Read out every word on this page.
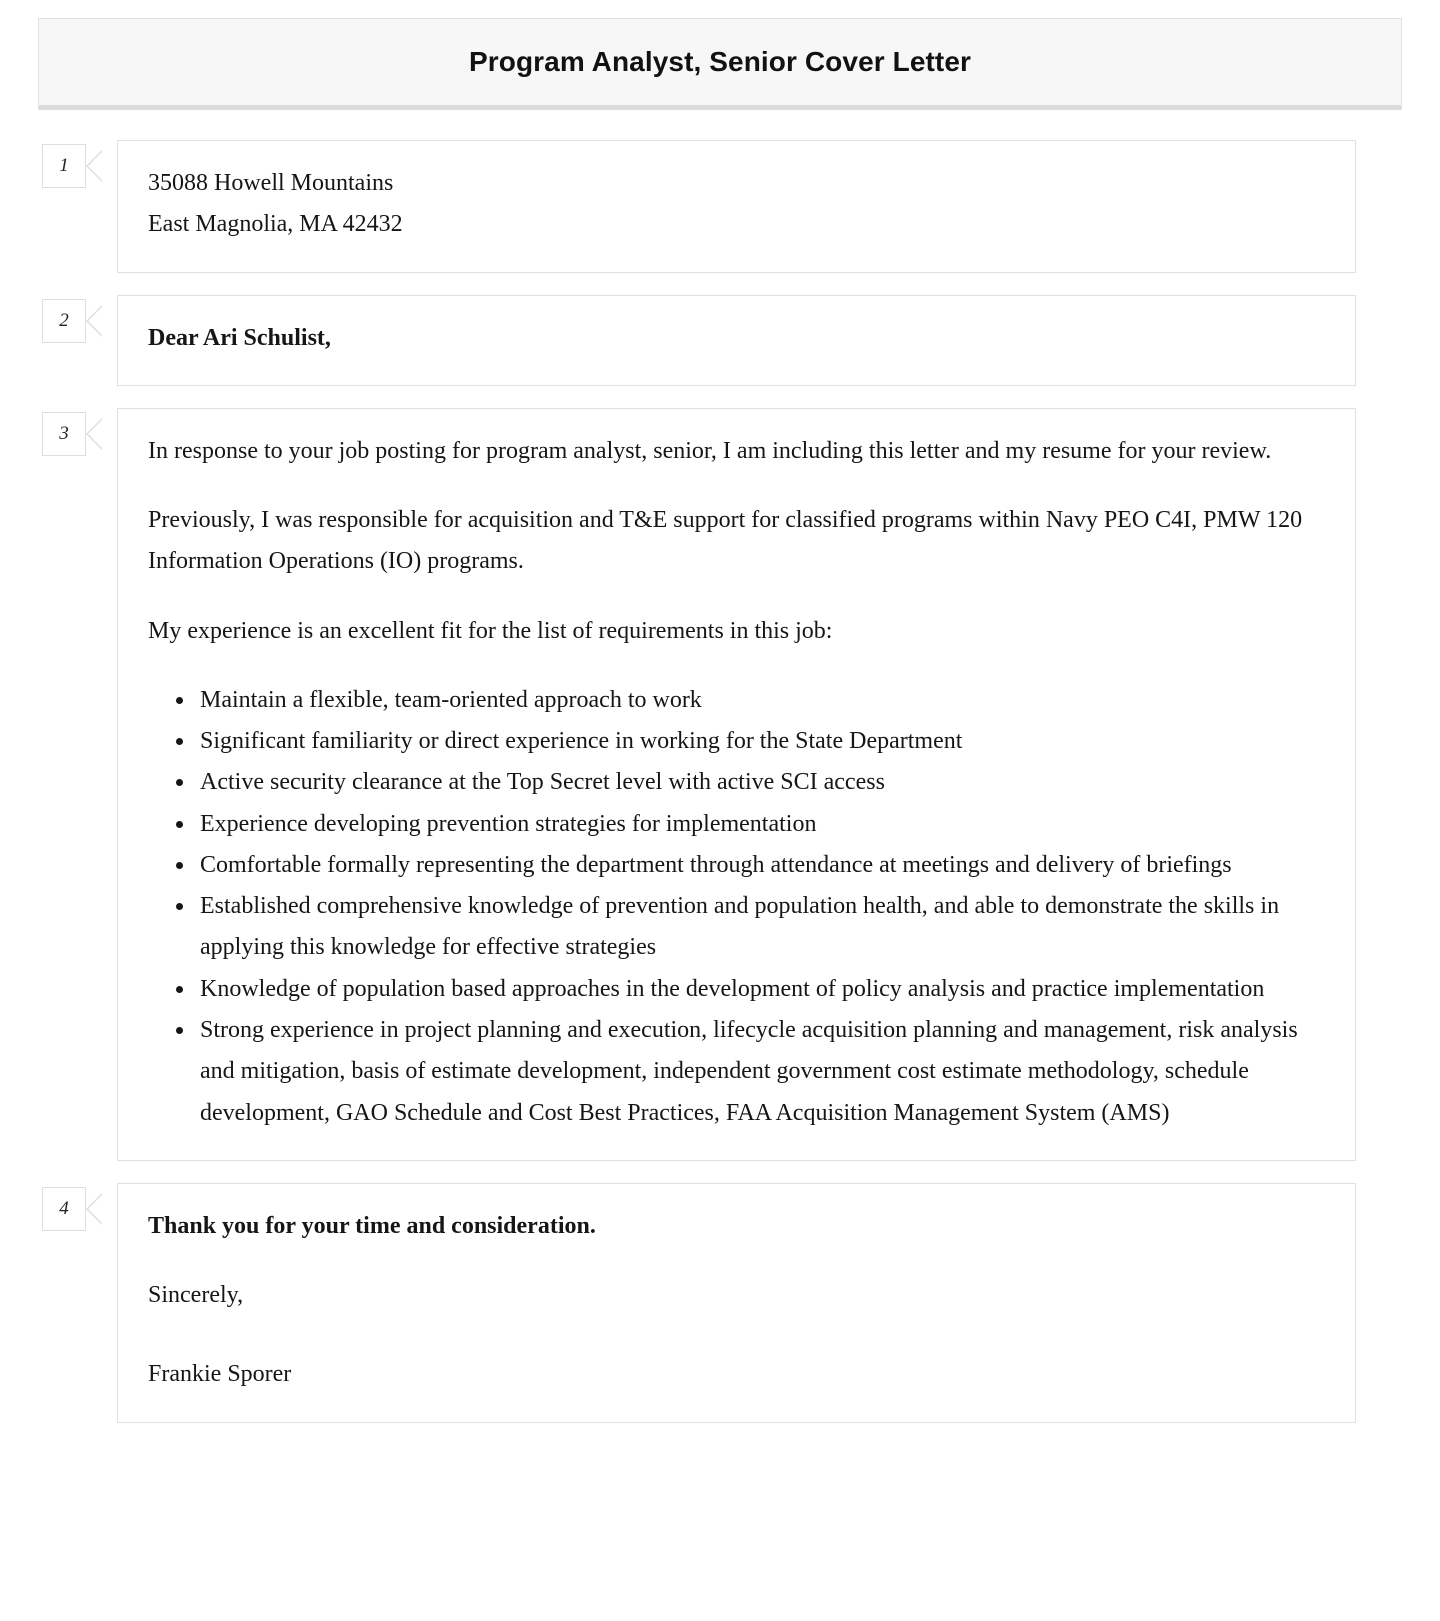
Program Analyst, Senior Cover Letter
1
35088 Howell Mountains
East Magnolia, MA 42432
2

Dear Ari Schulist,

3

In response to your job posting for program analyst, senior, I am including this letter and my resume for your review.

Previously, I was responsible for acquisition and T&E support for classified programs within Navy PEO C4I, PMW 120 Information Operations (IO) programs.

My experience is an excellent fit for the list of requirements in this job:

• Maintain a flexible, team-oriented approach to work
• Significant familiarity or direct experience in working for the State Department
• Active security clearance at the Top Secret level with active SCI access
• Experience developing prevention strategies for implementation
• Comfortable formally representing the department through attendance at meetings and delivery of briefings
• Established comprehensive knowledge of prevention and population health, and able to demonstrate the skills in applying this knowledge for effective strategies
• Knowledge of population based approaches in the development of policy analysis and practice implementation
• Strong experience in project planning and execution, lifecycle acquisition planning and management, risk analysis and mitigation, basis of estimate development, independent government cost estimate methodology, schedule development, GAO Schedule and Cost Best Practices, FAA Acquisition Management System (AMS)
4

Thank you for your time and consideration.

Sincerely,

Frankie Sporer
